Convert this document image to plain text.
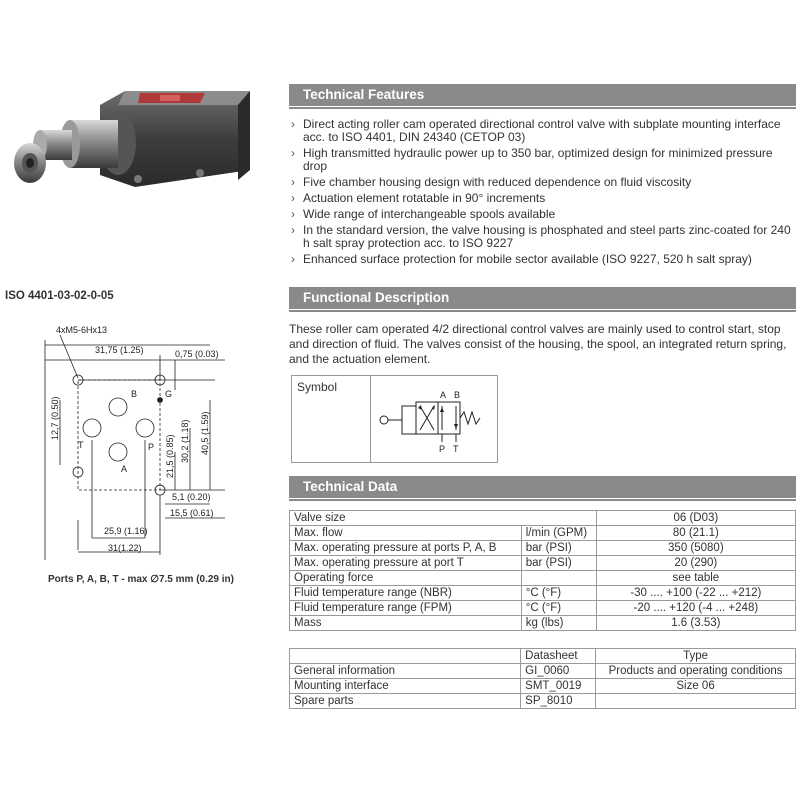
ISO 4401-03-02-0-05
4xM5-6Hx13
31,75 (1.25)	0,75 (0.03)
B	G
T	P
A
5,1 (0.20)
15,5 (0.61)
25,9 (1.16)
31(1.22)
12,7 (0.50)	40,5 (1.59)
30,2 (1.18)
21,5 (0.85)
Ports P, A, B, T - max ∅7.5 mm (0.29 in)
Technical Features
› Direct acting roller cam operated directional control valve with subplate mounting interface acc. to ISO 4401, DIN 24340 (CETOP 03)
› High transmitted hydraulic power up to 350 bar, optimized design for minimized pressure drop
› Five chamber housing design with reduced dependence on fluid viscosity
› Actuation element rotatable in 90° increments
› Wide range of interchangeable spools available
› In the standard version, the valve housing is phosphated and steel parts zinc-coated for 240 h salt spray protection acc. to ISO 9227
› Enhanced surface protection for mobile sector available (ISO 9227, 520 h salt spray)
Functional Description
These roller cam operated 4/2 directional control valves are mainly used to control start, stop and direction of fluid. The valves consist of the housing, the spool, an integrated return spring, and the actuation element.
Symbol
A B
P T
Technical Data
Valve size		06 (D03)
Max. flow	l/min (GPM)	80 (21.1)
Max. operating pressure at ports P, A, B	bar (PSI)	350 (5080)
Max. operating pressure at port T	bar (PSI)	20 (290)
Operating force		see table
Fluid temperature range (NBR)	°C (°F)	-30 .... +100 (-22 ... +212)
Fluid temperature range (FPM)	°C (°F)	-20 .... +120 (-4 ... +248)
Mass	kg (lbs)	1.6 (3.53)
	Datasheet	Type
General information	GI_0060	Products and operating conditions
Mounting interface	SMT_0019	Size 06
Spare parts	SP_8010	
